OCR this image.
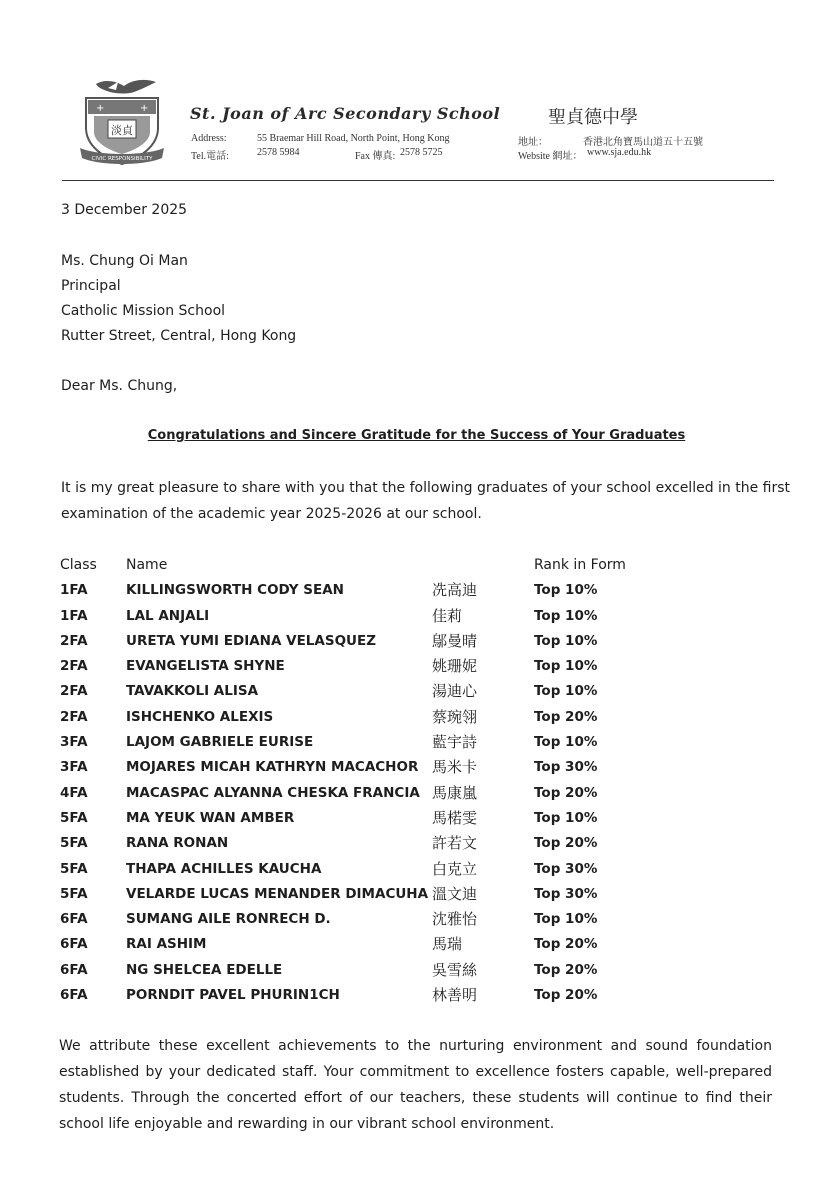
+	+
淡貞
CIVIC RESPONSIBILITY
St. Joan of Arc Secondary School	聖貞德中學
Address:	55 Braemar Hill Road, North Point, Hong Kong
Tel.電話:	2578 5984	Fax 傳真: 2578 5725
地址：	香港北角寶馬山道五十五號
Website 網址： www.sja.edu.hk
3 December 2025
Ms. Chung Oi Man
Principal
Catholic Mission School
Rutter Street, Central, Hong Kong
Dear Ms. Chung,
Congratulations and Sincere Gratitude for the Success of Your Graduates
It is my great pleasure to share with you that the following graduates of your school excelled in the first
examination of the academic year 2025-2026 at our school.
Class Name	Rank in Form
1FA	KILLINGSWORTH CODY SEAN	冼高迪	Top 10%
1FA	LAL ANJALI	佳莉	Top 10%
2FA	URETA YUMI EDIANA VELASQUEZ	鄔曼晴	Top 10%
2FA	EVANGELISTA SHYNE	姚珊妮	Top 10%
2FA	TAVAKKOLI ALISA	湯迪心	Top 10%
2FA	ISHCHENKO ALEXIS	蔡琬翎	Top 20%
3FA	LAJOM GABRIELE EURISE	藍宇詩	Top 10%
3FA	MOJARES MICAH KATHRYN MACACHOR 馬米卡	Top 30%
4FA	MACASPAC ALYANNA CHESKA FRANCIA 馬康嵐	Top 20%
5FA	MA YEUK WAN AMBER	馬楉雯	Top 10%
5FA	RANA RONAN	許若文	Top 20%
5FA	THAPA ACHILLES KAUCHA	白克立	Top 30%
5FA	VELARDE LUCAS MENANDER DIMACUHA 溫文迪	Top 30%
6FA	SUMANG AILE RONRECH D.	沈雅怡	Top 10%
6FA	RAI ASHIM	馬瑞	Top 20%
6FA	NG SHELCEA EDELLE	吳雪絲	Top 20%
6FA	PORNDIT PAVEL PHURIN1CH	林善明	Top 20%
We attribute these excellent achievements to the nurturing environment and sound foundation established by your dedicated staff. Your commitment to excellence fosters capable, well-prepared students. Through the concerted effort of our teachers, these students will continue to find their school life enjoyable and rewarding in our vibrant school environment.
